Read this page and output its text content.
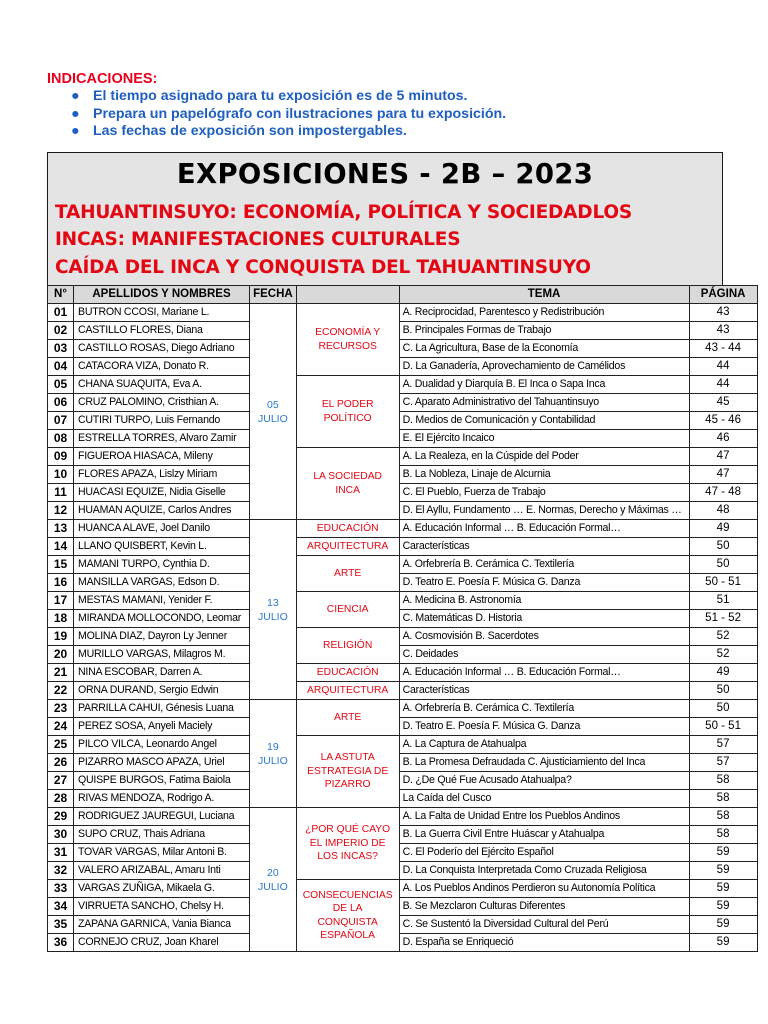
INDICACIONES:
● El tiempo asignado para tu exposición es de 5 minutos.
● Prepara un papelógrafo con ilustraciones para tu exposición.
● Las fechas de exposición son impostergables.
EXPOSICIONES - 2B – 2023
TAHUANTINSUYO: ECONOMÍA, POLÍTICA Y SOCIEDADLOS
INCAS: MANIFESTACIONES CULTURALES
CAÍDA DEL INCA Y CONQUISTA DEL TAHUANTINSUYO
N°	APELLIDOS Y NOMBRES	FECHA		TEMA	PÁGINA
01	BUTRON CCOSI, Mariane L.	05 JULIO	ECONOMÍA Y RECURSOS	A. Reciprocidad, Parentesco y Redistribución	43
02	CASTILLO FLORES, Diana			B. Principales Formas de Trabajo	43
03	CASTILLO ROSAS, Diego Adriano			C. La Agricultura, Base de la Economía	43 - 44
04	CATACORA VIZA, Donato R.			D. La Ganadería, Aprovechamiento de Camélidos	44
05	CHANA SUAQUITA, Eva A.		EL PODER POLÍTICO	A. Dualidad y Diarquía B. El Inca o Sapa Inca	44
06	CRUZ PALOMINO, Cristhian A.			C. Aparato Administrativo del Tahuantinsuyo	45
07	CUTIRI TURPO, Luis Fernando			D. Medios de Comunicación y Contabilidad	45 - 46
08	ESTRELLA TORRES, Alvaro Zamir			E. El Ejército Incaico	46
09	FIGUEROA HIASACA, Mileny		LA SOCIEDAD INCA	A. La Realeza, en la Cúspide del Poder	47
10	FLORES APAZA, Lislzy Miriam			B. La Nobleza, Linaje de Alcurnia	47
11	HUACASI EQUIZE, Nidia Giselle			C. El Pueblo, Fuerza de Trabajo	47 - 48
12	HUAMAN AQUIZE, Carlos Andres			D. El Ayllu, Fundamento … E. Normas, Derecho y Máximas …	48
13	HUANCA ALAVE, Joel Danilo	13 JULIO	EDUCACIÓN	A. Educación Informal … B. Educación Formal…	49
14	LLANO QUISBERT, Kevin L.		ARQUITECTURA	Características	50
15	MAMANI TURPO, Cynthia D.		ARTE	A. Orfebrería B. Cerámica C. Textilería	50
16	MANSILLA VARGAS, Edson D.			D. Teatro E. Poesía F. Música G. Danza	50 - 51
17	MESTAS MAMANI, Yenider F.		CIENCIA	A. Medicina B. Astronomía	51
18	MIRANDA MOLLOCONDO, Leomar			C. Matemáticas D. Historia	51 - 52
19	MOLINA DIAZ, Dayron Ly Jenner		RELIGIÓN	A. Cosmovisión B. Sacerdotes	52
20	MURILLO VARGAS, Milagros M.			C. Deidades	52
21	NINA ESCOBAR, Darren A.		EDUCACIÓN	A. Educación Informal … B. Educación Formal…	49
22	ORNA DURAND, Sergio Edwin		ARQUITECTURA	Características	50
23	PARRILLA CAHUI, Génesis Luana	19 JULIO	ARTE	A. Orfebrería B. Cerámica C. Textilería	50
24	PEREZ SOSA, Anyeli Maciely			D. Teatro E. Poesía F. Música G. Danza	50 - 51
25	PILCO VILCA, Leonardo Angel		LA ASTUTA ESTRATEGIA DE PIZARRO	A. La Captura de Atahualpa	57
26	PIZARRO MASCO APAZA, Uriel			B. La Promesa Defraudada C. Ajusticiamiento del Inca	57
27	QUISPE BURGOS, Fatima Baiola			D. ¿De Qué Fue Acusado Atahualpa?	58
28	RIVAS MENDOZA, Rodrigo A.			La Caída del Cusco	58
29	RODRIGUEZ JAUREGUI, Luciana	20 JULIO	¿POR QUÉ CAYO EL IMPERIO DE LOS INCAS?	A. La Falta de Unidad Entre los Pueblos Andinos	58
30	SUPO CRUZ, Thais Adriana			B. La Guerra Civil Entre Huáscar y Atahualpa	58
31	TOVAR VARGAS, Milar Antoni B.			C. El Poderío del Ejército Español	59
32	VALERO ARIZABAL, Amaru Inti			D. La Conquista Interpretada Como Cruzada Religiosa	59
33	VARGAS ZUÑIGA, Mikaela G.		CONSECUENCIAS DE LA CONQUISTA ESPAÑOLA	A. Los Pueblos Andinos Perdieron su Autonomía Política	59
34	VIRRUETA SANCHO, Chelsy H.			B. Se Mezclaron Culturas Diferentes	59
35	ZAPANA GARNICA, Vania Bianca			C. Se Sustentó la Diversidad Cultural del Perú	59
36	CORNEJO CRUZ, Joan Kharel			D. España se Enriqueció	59
